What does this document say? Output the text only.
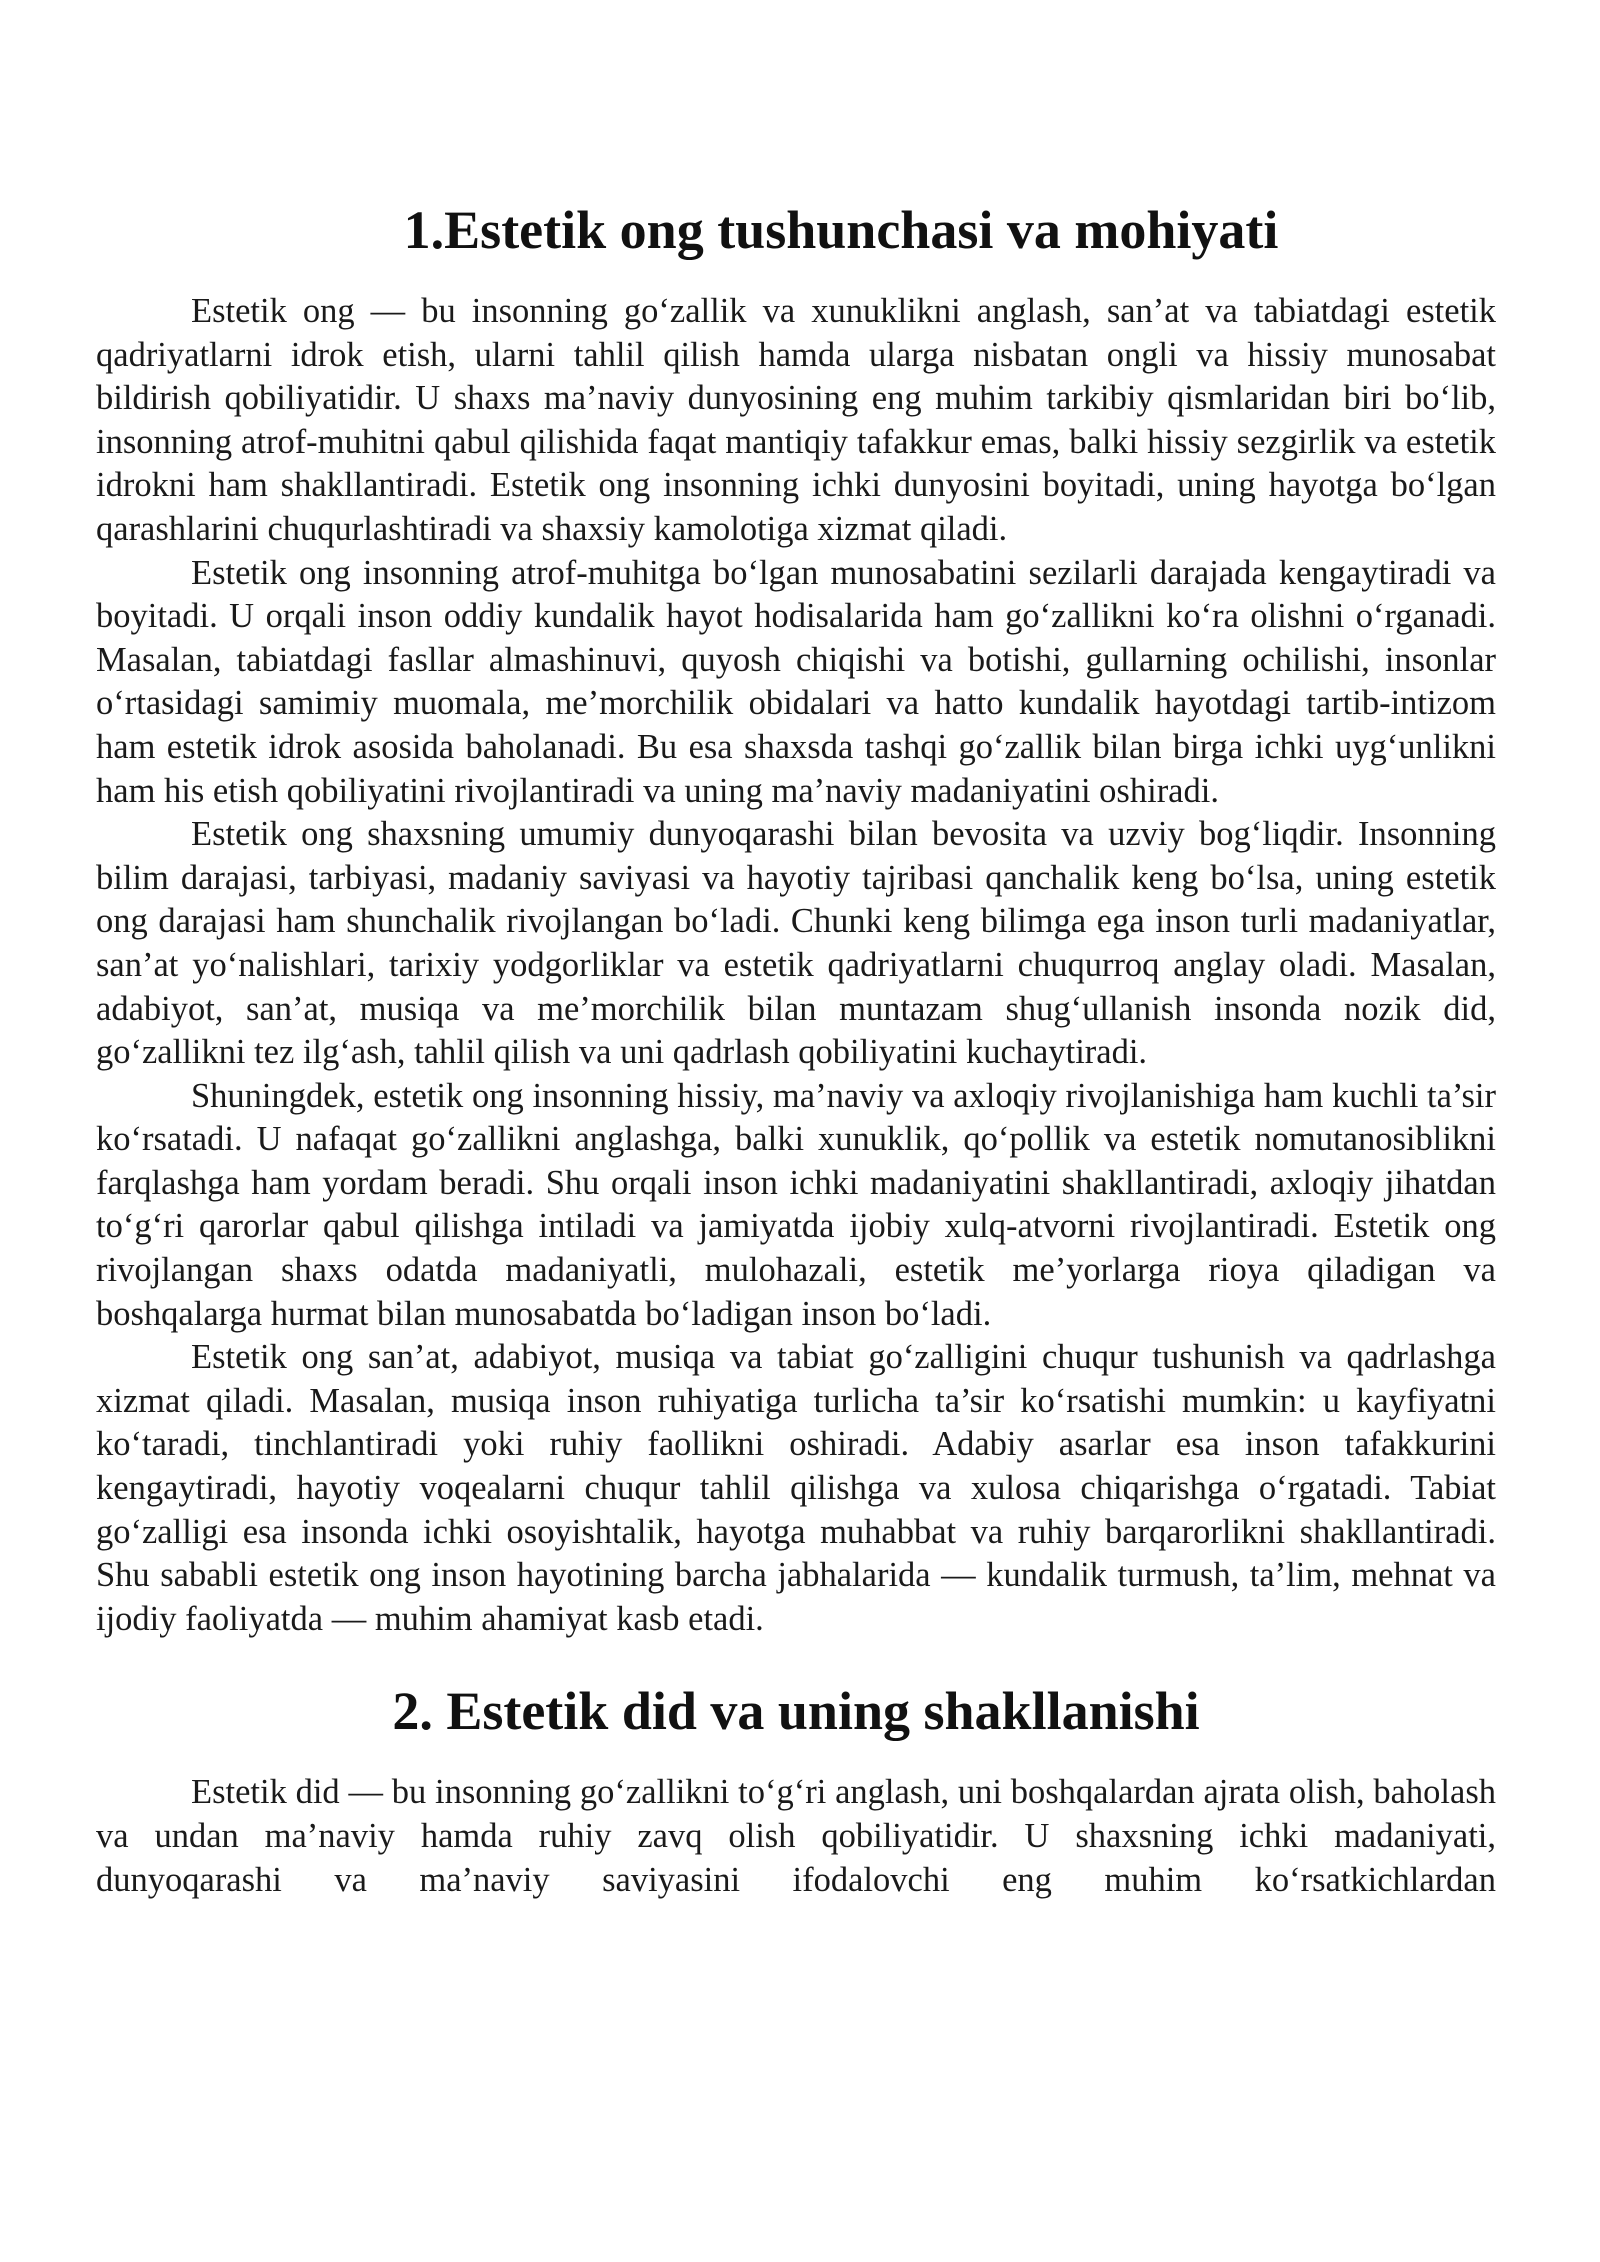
1.Estetik ong tushunchasi va mohiyati

Estetik ong — bu insonning go‘zallik va xunuklikni anglash, san’at va tabiatdagi estetik qadriyatlarni idrok etish, ularni tahlil qilish hamda ularga nisbatan ongli va hissiy munosabat bildirish qobiliyatidir. U shaxs ma’naviy dunyosining eng muhim tarkibiy qismlaridan biri bo‘lib, insonning atrof-muhitni qabul qilishida faqat mantiqiy tafakkur emas, balki hissiy sezgirlik va estetik idrokni ham shakllantiradi. Estetik ong insonning ichki dunyosini boyitadi, uning hayotga bo‘lgan qarashlarini chuqurlashtiradi va shaxsiy kamolotiga xizmat qiladi.

Estetik ong insonning atrof-muhitga bo‘lgan munosabatini sezilarli darajada kengaytiradi va boyitadi. U orqali inson oddiy kundalik hayot hodisalarida ham go‘zallikni ko‘ra olishni o‘rganadi. Masalan, tabiatdagi fasllar almashinuvi, quyosh chiqishi va botishi, gullarning ochilishi, insonlar o‘rtasidagi samimiy muomala, me’morchilik obidalari va hatto kundalik hayotdagi tartib-intizom ham estetik idrok asosida baholanadi. Bu esa shaxsda tashqi go‘zallik bilan birga ichki uyg‘unlikni ham his etish qobiliyatini rivojlantiradi va uning ma’naviy madaniyatini oshiradi.

Estetik ong shaxsning umumiy dunyoqarashi bilan bevosita va uzviy bog‘liqdir. Insonning bilim darajasi, tarbiyasi, madaniy saviyasi va hayotiy tajribasi qanchalik keng bo‘lsa, uning estetik ong darajasi ham shunchalik rivojlangan bo‘ladi. Chunki keng bilimga ega inson turli madaniyatlar, san’at yo‘nalishlari, tarixiy yodgorliklar va estetik qadriyatlarni chuqurroq anglay oladi. Masalan, adabiyot, san’at, musiqa va me’morchilik bilan muntazam shug‘ullanish insonda nozik did, go‘zallikni tez ilg‘ash, tahlil qilish va uni qadrlash qobiliyatini kuchaytiradi.

Shuningdek, estetik ong insonning hissiy, ma’naviy va axloqiy rivojlanishiga ham kuchli ta’sir ko‘rsatadi. U nafaqat go‘zallikni anglashga, balki xunuklik, qo‘pollik va estetik nomutanosiblikni farqlashga ham yordam beradi. Shu orqali inson ichki madaniyatini shakllantiradi, axloqiy jihatdan to‘g‘ri qarorlar qabul qilishga intiladi va jamiyatda ijobiy xulq-atvorni rivojlantiradi. Estetik ong rivojlangan shaxs odatda madaniyatli, mulohazali, estetik me’yorlarga rioya qiladigan va boshqalarga hurmat bilan munosabatda bo‘ladigan inson bo‘ladi.

Estetik ong san’at, adabiyot, musiqa va tabiat go‘zalligini chuqur tushunish va qadrlashga xizmat qiladi. Masalan, musiqa inson ruhiyatiga turlicha ta’sir ko‘rsatishi mumkin: u kayfiyatni ko‘taradi, tinchlantiradi yoki ruhiy faollikni oshiradi. Adabiy asarlar esa inson tafakkurini kengaytiradi, hayotiy voqealarni chuqur tahlil qilishga va xulosa chiqarishga o‘rgatadi. Tabiat go‘zalligi esa insonda ichki osoyishtalik, hayotga muhabbat va ruhiy barqarorlikni shakllantiradi. Shu sababli estetik ong inson hayotining barcha jabhalarida — kundalik turmush, ta’lim, mehnat va ijodiy faoliyatda — muhim ahamiyat kasb etadi.

2. Estetik did va uning shakllanishi

Estetik did — bu insonning go‘zallikni to‘g‘ri anglash, uni boshqalardan ajrata olish, baholash va undan ma’naviy hamda ruhiy zavq olish qobiliyatidir. U shaxsning ichki madaniyati, dunyoqarashi va ma’naviy saviyasini ifodalovchi eng muhim ko‘rsatkichlardan
